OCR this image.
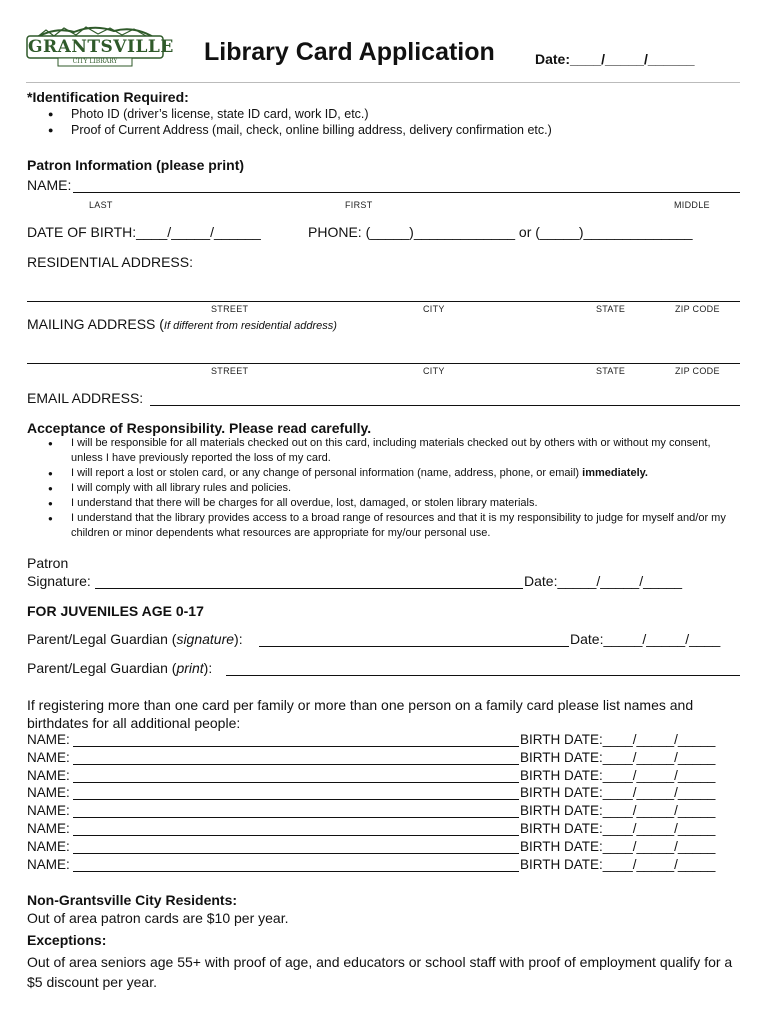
GRANTSVILLE
CITY LIBRARY	Library Card Application	Date:____/_____/______
*Identification Required:
● Photo ID (driver’s license, state ID card, work ID, etc.)
● Proof of Current Address (mail, check, online billing address, delivery confirmation etc.)
Patron Information (please print)
NAME:
LAST	FIRST	MIDDLE
DATE OF BIRTH:____/_____/______	PHONE: (_____)_____________ or (_____)______________
RESIDENTIAL ADDRESS:
STREET	CITY	STATE	ZIP CODE
MAILING ADDRESS (If different from residential address)
STREET	CITY	STATE	ZIP CODE
EMAIL ADDRESS:
Acceptance of Responsibility. Please read carefully.
● I will be responsible for all materials checked out on this card, including materials checked out by others with or without my consent, unless I have previously reported the loss of my card.
● I will report a lost or stolen card, or any change of personal information (name, address, phone, or email) immediately.
● I will comply with all library rules and policies.
● I understand that there will be charges for all overdue, lost, damaged, or stolen library materials.
● I understand that the library provides access to a broad range of resources and that it is my responsibility to judge for myself and/or my children or minor dependents what resources are appropriate for my/our personal use.
Patron
Signature:	Date:_____/_____/_____
FOR JUVENILES AGE 0-17
Parent/Legal Guardian (signature):	Date:_____/_____/____
Parent/Legal Guardian (print):
If registering more than one card per family or more than one person on a family card please list names and birthdates for all additional people:
NAME:	BIRTH DATE:____/_____/_____
NAME:	BIRTH DATE:____/_____/_____
NAME:	BIRTH DATE:____/_____/_____
NAME:	BIRTH DATE:____/_____/_____
NAME:	BIRTH DATE:____/_____/_____
NAME:	BIRTH DATE:____/_____/_____
NAME:	BIRTH DATE:____/_____/_____
NAME:	BIRTH DATE:____/_____/_____
Non-Grantsville City Residents:
Out of area patron cards are $10 per year.
Exceptions:
Out of area seniors age 55+ with proof of age, and educators or school staff with proof of employment qualify for a $5 discount per year.
